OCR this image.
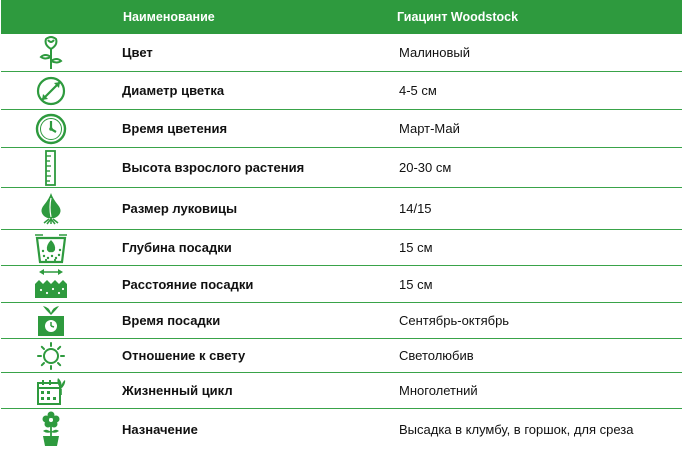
Наименование	Гиацинт Woodstock
Цвет	Малиновый
Диаметр цветка	4-5 см
Время цветения	Март-Май
Высота взрослого растения	20-30 см
Размер луковицы	14/15
Глубина посадки	15 см
Расстояние посадки	15 см
Время посадки	Сентябрь-октябрь
Отношение к свету	Светолюбив
Жизненный цикл	Многолетний
Назначение	Высадка в клумбу, в горшок, для среза
